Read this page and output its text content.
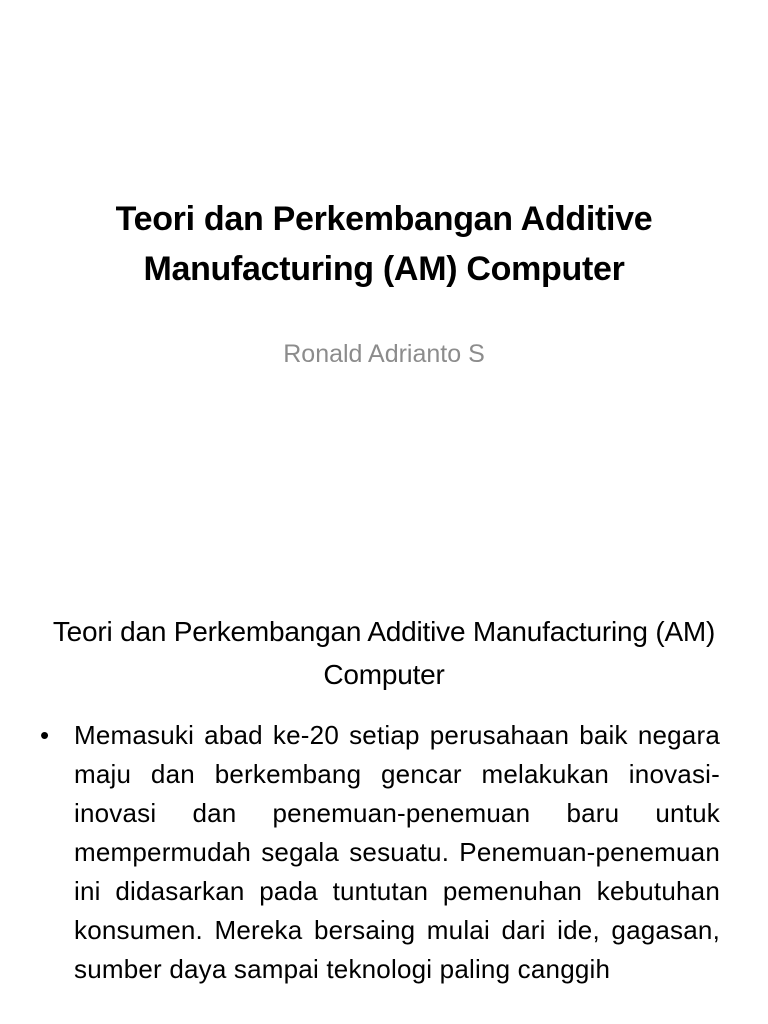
Teori dan Perkembangan Additive Manufacturing (AM) Computer
Ronald Adrianto S
Teori dan Perkembangan Additive Manufacturing (AM) Computer
• Memasuki abad ke-20 setiap perusahaan baik negara maju dan berkembang gencar melakukan inovasi-inovasi dan penemuan-penemuan baru untuk mempermudah segala sesuatu. Penemuan-penemuan ini didasarkan pada tuntutan pemenuhan kebutuhan konsumen. Mereka bersaing mulai dari ide, gagasan, sumber daya sampai teknologi paling canggih
